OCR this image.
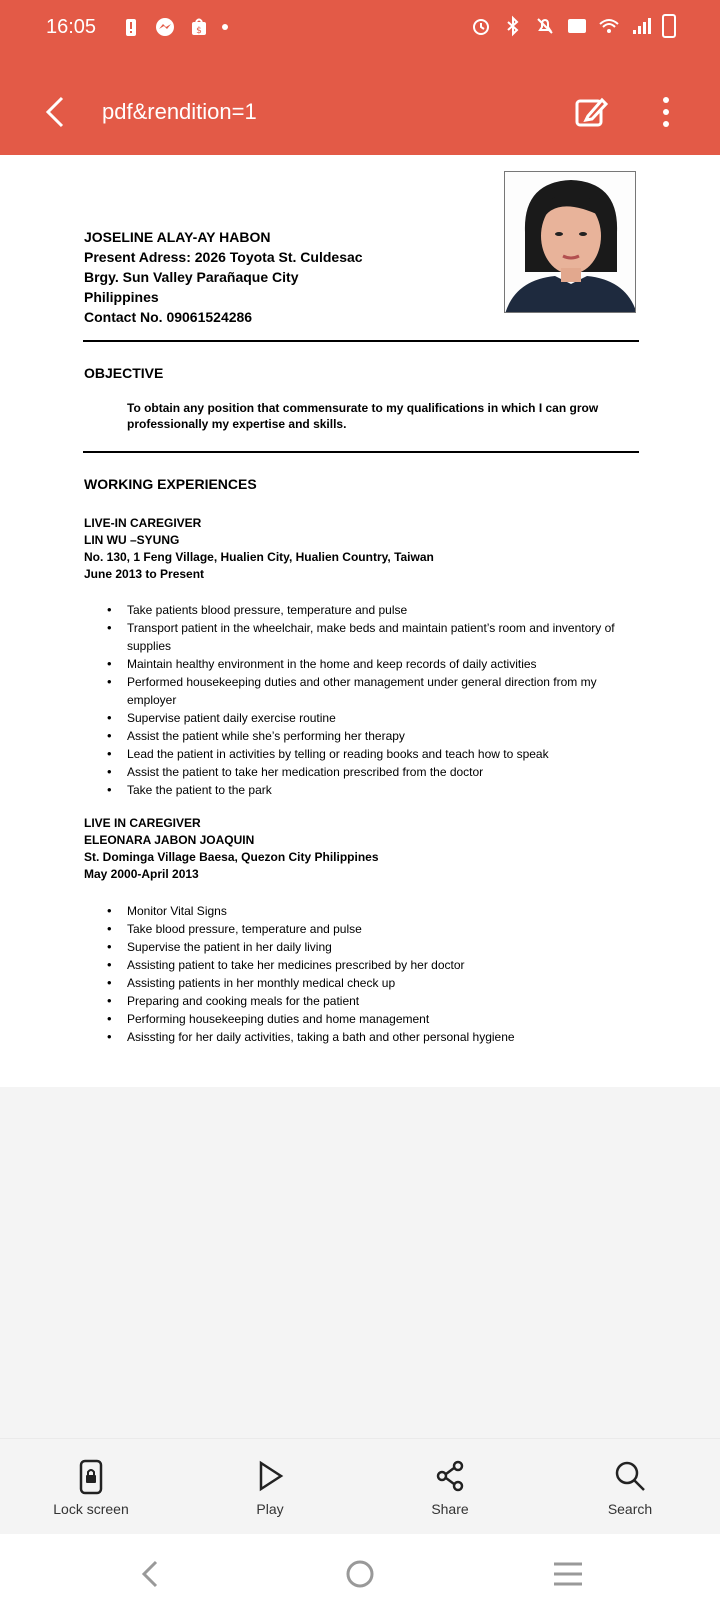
16:05	$
pdf&rendition=1
JOSELINE ALAY-AY HABON
Present Adress: 2026 Toyota St. Culdesac
Brgy. Sun Valley Parañaque City
Philippines
Contact No. 09061524286
OBJECTIVE
To obtain any position that commensurate to my qualifications in which I can grow professionally my expertise and skills.
WORKING EXPERIENCES
LIVE-IN CAREGIVER
LIN WU –SYUNG
No. 130, 1 Feng Village, Hualien City, Hualien Country, Taiwan
June 2013 to Present
• Take patients blood pressure, temperature and pulse
• Transport patient in the wheelchair, make beds and maintain patient’s room and inventory of supplies
• Maintain healthy environment in the home and keep records of daily activities
• Performed housekeeping duties and other management under general direction from my employer
• Supervise patient daily exercise routine
• Assist the patient while she’s performing her therapy
• Lead the patient in activities by telling or reading books and teach how to speak
• Assist the patient to take her medication prescribed from the doctor
• Take the patient to the park
LIVE IN CAREGIVER
ELEONARA JABON JOAQUIN
St. Dominga Village Baesa, Quezon City Philippines
May 2000-April 2013
• Monitor Vital Signs
• Take blood pressure, temperature and pulse
• Supervise the patient in her daily living
• Assisting patient to take her medicines prescribed by her doctor
• Assisting patients in her monthly medical check up
• Preparing and cooking meals for the patient
• Performing housekeeping duties and home management
• Asissting for her daily activities, taking a bath and other personal hygiene
Lock screen	Play	Share	Search
